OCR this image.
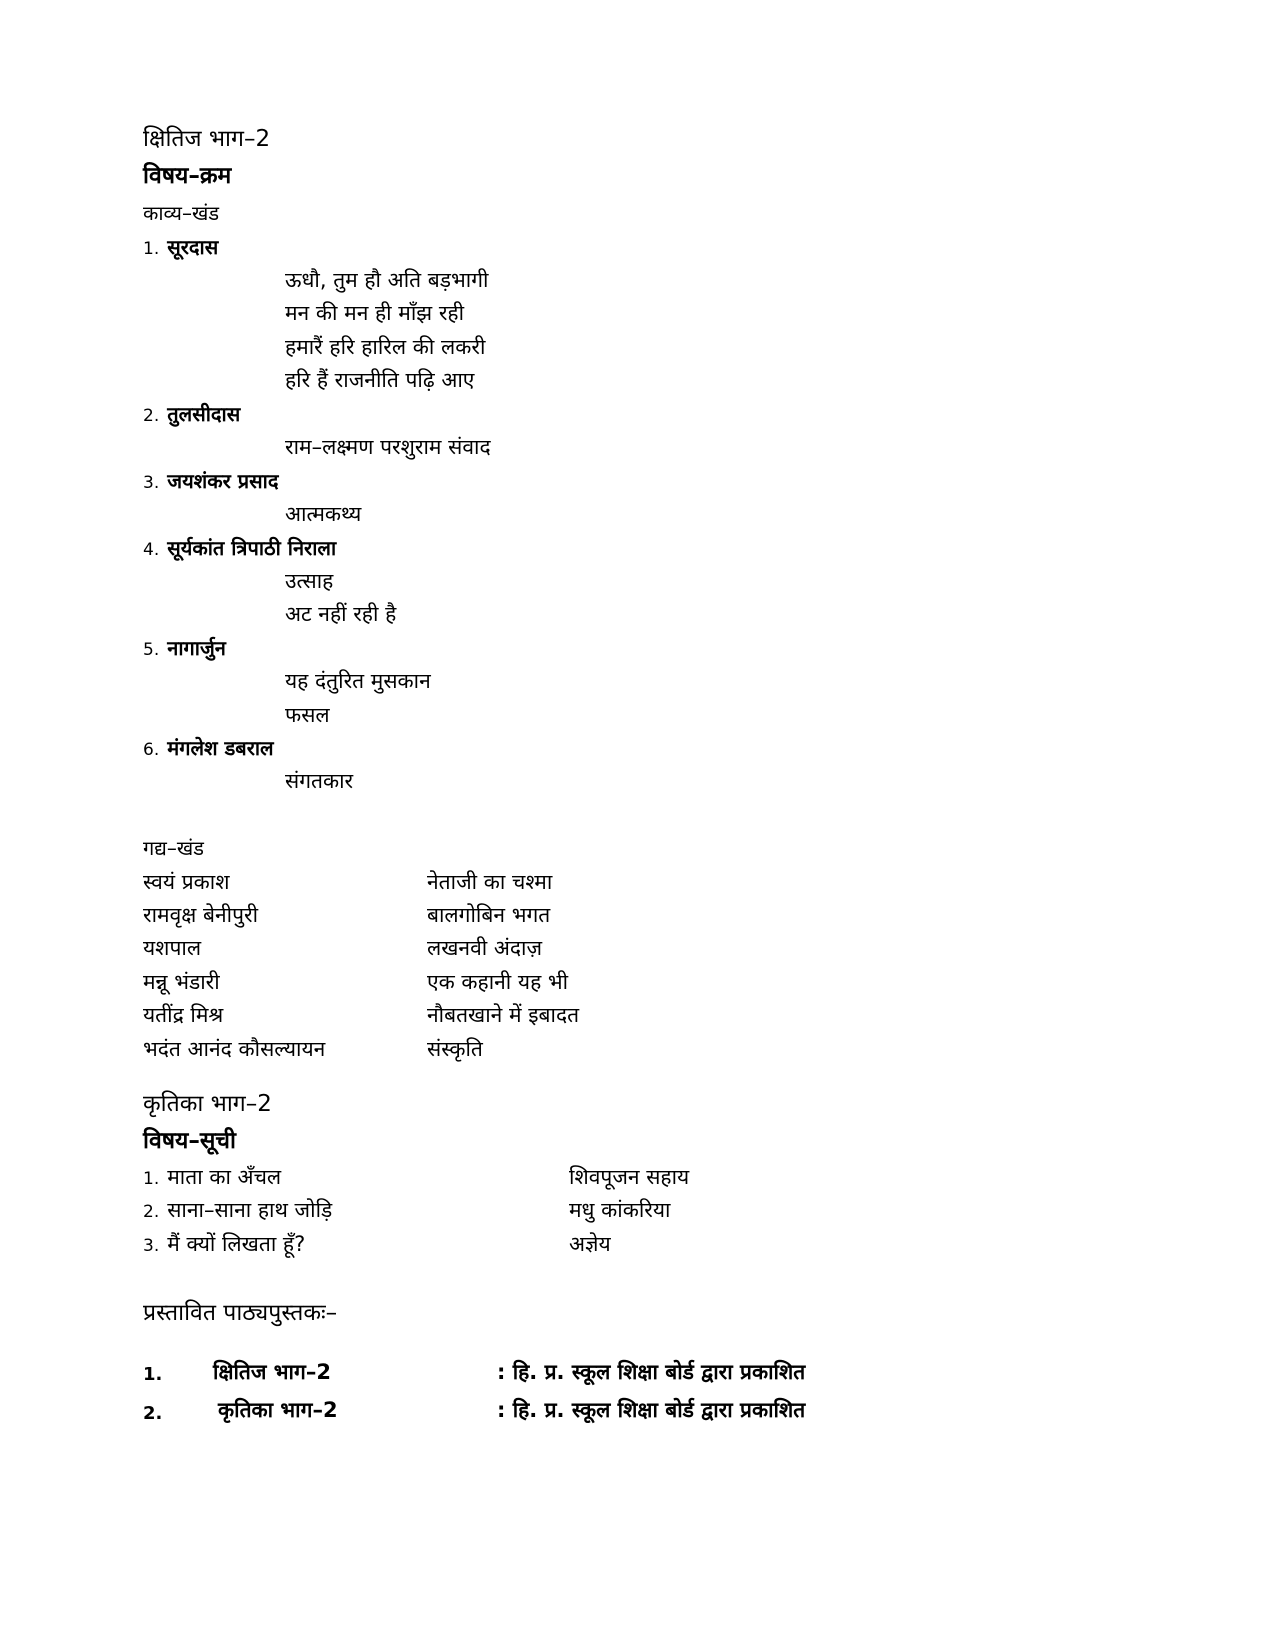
क्षितिज भाग–2
विषय–क्रम
काव्य–खंड
1. सूरदास
ऊधौ, तुम हौ अति बड़भागी
मन की मन ही माँझ रही
हमारैं हरि हारिल की लकरी
हरि हैं राजनीति पढ़ि आए
2. तुलसीदास
राम–लक्ष्मण परशुराम संवाद
3. जयशंकर प्रसाद
आत्मकथ्य
4. सूर्यकांत त्रिपाठी निराला
उत्साह
अट नहीं रही है
5. नागार्जुन
यह दंतुरित मुसकान
फसल
6. मंगलेश डबराल
संगतकार
गद्य–खंड
स्वयं प्रकाश	नेताजी का चश्मा
रामवृक्ष बेनीपुरी	बालगोबिन भगत
यशपाल	लखनवी अंदाज़
मन्नू भंडारी	एक कहानी यह भी
यतींद्र मिश्र	नौबतखाने में इबादत
भदंत आनंद कौसल्यायन	संस्कृति
कृतिका भाग–2
विषय–सूची
1. माता का अँचल	शिवपूजन सहाय
2. साना–साना हाथ जोड़ि	मधु कांकरिया
3. मैं क्यों लिखता हूँ?	अज्ञेय
प्रस्तावित पाठ्यपुस्तकः–
1. क्षितिज भाग–2	: हि. प्र. स्कूल शिक्षा बोर्ड द्वारा प्रकाशित
2.	कृतिका भाग–2	: हि. प्र. स्कूल शिक्षा बोर्ड द्वारा प्रकाशित
